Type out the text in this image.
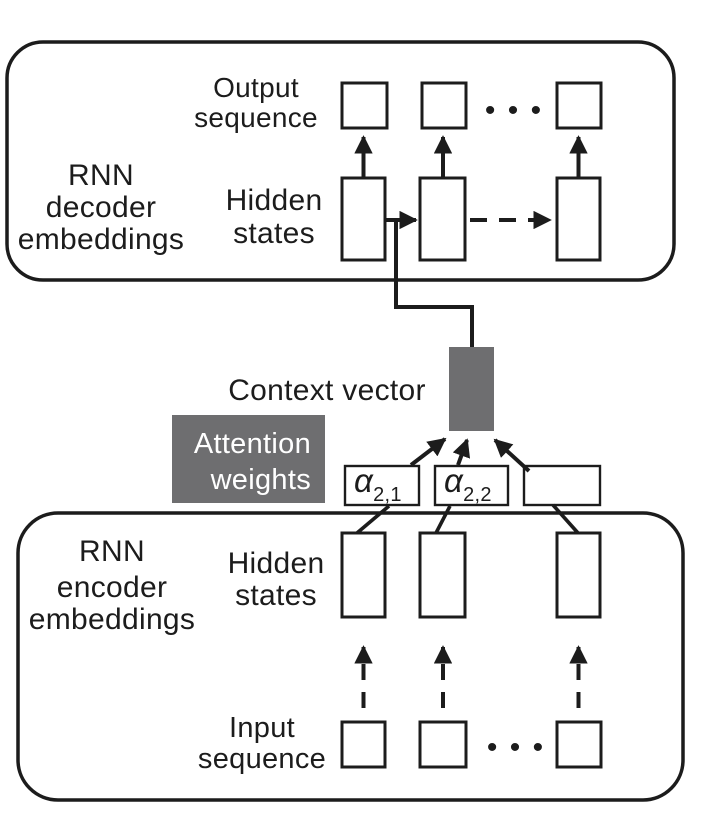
RNN
decoder
embeddings
Output
sequence
Hidden
states
• • •
Context vector
Attention
weights α2,1 α2,2
RNN
encoder
embeddings
Hidden
states
Input
sequence	• • •
